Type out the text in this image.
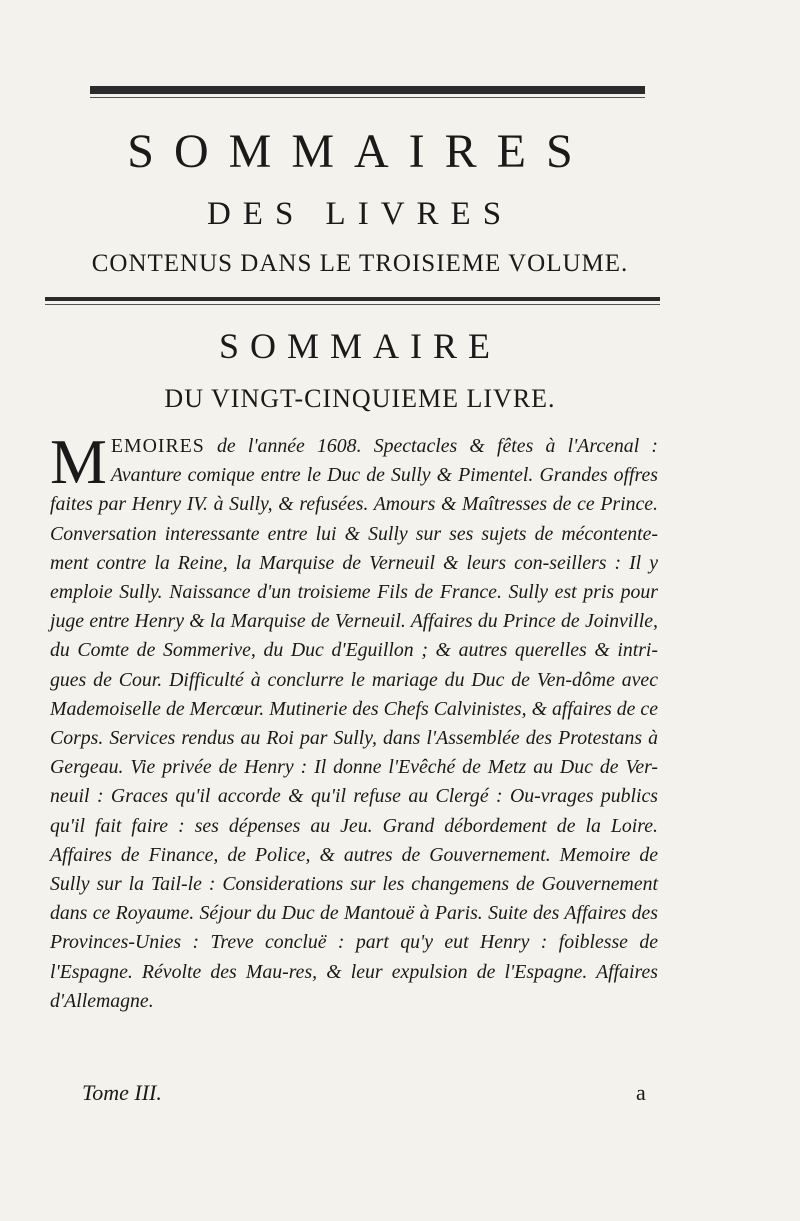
SOMMAIRES
DES LIVRES
CONTENUS DANS LE TROISIEME VOLUME.
SOMMAIRE
DU VINGT-CINQUIEME LIVRE.
MEMOIRES de l'année 1608. Spectacles & fêtes à l'Arcenal : Avanture comique entre le Duc de Sully & Pimentel. Grandes offres faites par Henry IV. à Sully, & refusées. Amours & Maîtresses de ce Prince. Conversation interessante entre lui & Sully sur ses sujets de mécontente-ment contre la Reine, la Marquise de Verneuil & leurs con-seillers : Il y emploie Sully. Naissance d'un troisieme Fils de France. Sully est pris pour juge entre Henry & la Marquise de Verneuil. Affaires du Prince de Joinville, du Comte de Sommerive, du Duc d'Eguillon ; & autres querelles & intri-gues de Cour. Difficulté à conclurre le mariage du Duc de Ven-dôme avec Mademoiselle de Mercœur. Mutinerie des Chefs Calvinistes, & affaires de ce Corps. Services rendus au Roi par Sully, dans l'Assemblée des Protestans à Gergeau. Vie privée de Henry : Il donne l'Evêché de Metz au Duc de Ver-neuil : Graces qu'il accorde & qu'il refuse au Clergé : Ou-vrages publics qu'il fait faire : ses dépenses au Jeu. Grand débordement de la Loire. Affaires de Finance, de Police, & autres de Gouvernement. Memoire de Sully sur la Tail-le : Considerations sur les changemens de Gouvernement dans ce Royaume. Séjour du Duc de Mantouë à Paris. Suite des Affaires des Provinces-Unies : Treve concluë : part qu'y eut Henry : foiblesse de l'Espagne. Révolte des Mau-res, & leur expulsion de l'Espagne. Affaires d'Allemagne.
Tome III.	a
